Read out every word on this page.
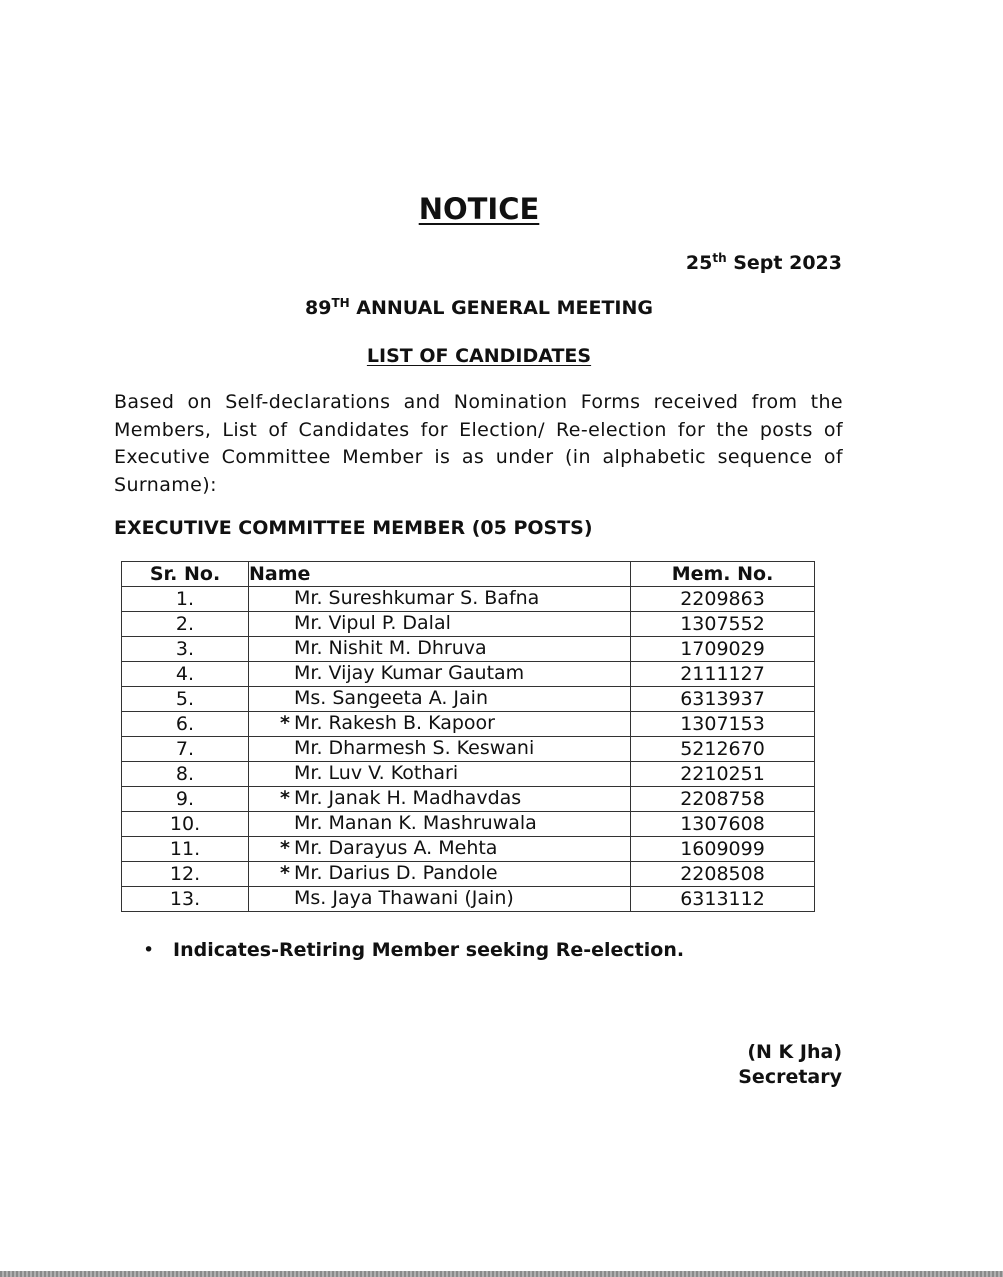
NOTICE
25th Sept 2023
89TH ANNUAL GENERAL MEETING
LIST OF CANDIDATES

Based on Self-declarations and Nomination Forms received from the Members, List of Candidates for Election/ Re-election for the posts of Executive Committee Member is as under (in alphabetic sequence of Surname):

EXECUTIVE COMMITTEE MEMBER (05 POSTS)
Sr. No.	Name	Mem. No.
1.	Mr. Sureshkumar S. Bafna	2209863
2.	Mr. Vipul P. Dalal	1307552
3.	Mr. Nishit M. Dhruva	1709029
4.	Mr. Vijay Kumar Gautam	2111127
5.	Ms. Sangeeta A. Jain	6313937
6.	* Mr. Rakesh B. Kapoor	1307153
7.	Mr. Dharmesh S. Keswani	5212670
8.	Mr. Luv V. Kothari	2210251
9.	* Mr. Janak H. Madhavdas	2208758
10.	Mr. Manan K. Mashruwala	1307608
11.	* Mr. Darayus A. Mehta	1609099
12.	* Mr. Darius D. Pandole	2208508
13.	Ms. Jaya Thawani (Jain)	6313112
• Indicates-Retiring Member seeking Re-election.
(N K Jha)
Secretary
